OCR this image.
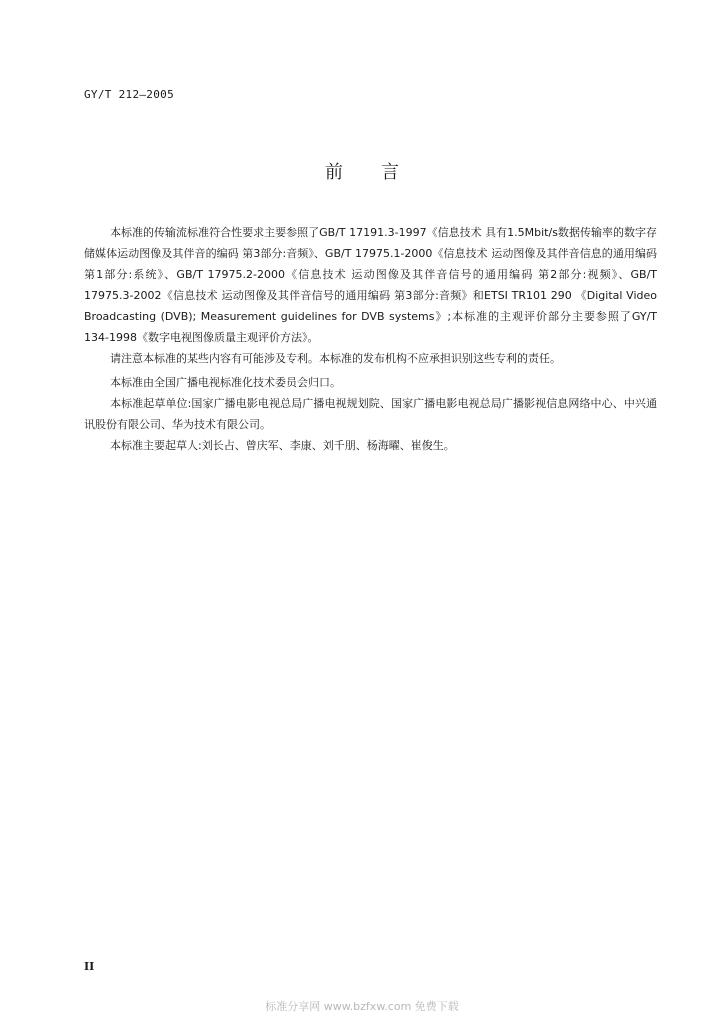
GY/T 212—2005
前言

本标准的传输流标准符合性要求主要参照了GB/T 17191.3-1997《信息技术 具有1.5Mbit/s数据传输率的数字存储媒体运动图像及其伴音的编码 第3部分:音频》、GB/T 17975.1-2000《信息技术 运动图像及其伴音信息的通用编码 第1部分:系统》、GB/T 17975.2-2000《信息技术 运动图像及其伴音信号的通用编码 第2部分:视频》、GB/T 17975.3-2002《信息技术 运动图像及其伴音信号的通用编码 第3部分:音频》和ETSI TR101 290 《Digital Video Broadcasting (DVB); Measurement guidelines for DVB systems》;本标准的主观评价部分主要参照了GY/T 134-1998《数字电视图像质量主观评价方法》。

请注意本标准的某些内容有可能涉及专利。本标准的发布机构不应承担识别这些专利的责任。

本标准由全国广播电视标准化技术委员会归口。

本标准起草单位:国家广播电影电视总局广播电视规划院、国家广播电影电视总局广播影视信息网络中心、中兴通讯股份有限公司、华为技术有限公司。

本标准主要起草人:刘长占、曾庆军、李康、刘千朋、杨海曜、崔俊生。

II
标准分享网 www.bzfxw.com 免费下载
